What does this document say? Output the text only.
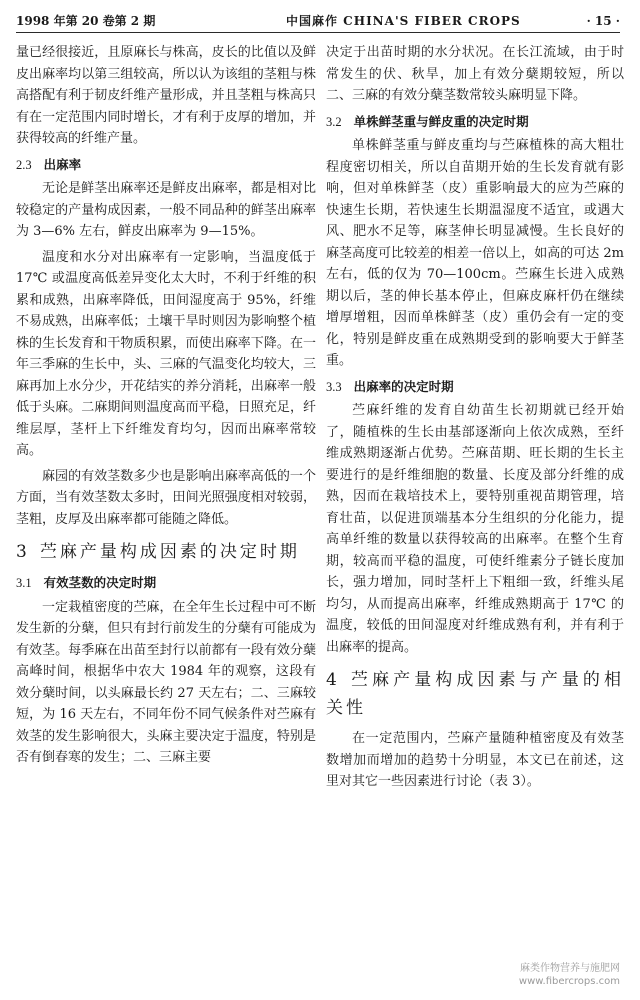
1998 年第 20 卷第 2 期	中国麻作 CHINA'S FIBER CROPS	· 15 ·

量已经很接近，且原麻长与株高，皮长的比值以及鲜皮出麻率均以第三组较高，所以认为该组的茎粗与株高搭配有利于韧皮纤维产量形成，并且茎粗与株高只有在一定范围内同时增长，才有利于皮厚的增加，并获得较高的纤维产量。

2.3 出麻率

无论是鲜茎出麻率还是鲜皮出麻率，都是相对比较稳定的产量构成因素，一般不同品种的鲜茎出麻率为 3—6% 左右，鲜皮出麻率为 9—15%。

温度和水分对出麻率有一定影响，当温度低于 17℃ 或温度高低差异变化太大时，不利于纤维的积累和成熟，出麻率降低，田间湿度高于 95%，纤维不易成熟，出麻率低；土壤干旱时则因为影响整个植株的生长发育和干物质积累，而使出麻率下降。在一年三季麻的生长中，头、三麻的气温变化均较大，三麻再加上水分少，开花结实的养分消耗，出麻率一般低于头麻。二麻期间则温度高而平稳，日照充足，纤维层厚，茎杆上下纤维发育均匀，因而出麻率常较高。

麻园的有效茎数多少也是影响出麻率高低的一个方面，当有效茎数太多时，田间光照强度相对较弱，茎粗，皮厚及出麻率都可能随之降低。

3 苎麻产量构成因素的决定时期
3.1 有效茎数的决定时期

一定栽植密度的苎麻，在全年生长过程中可不断发生新的分蘖，但只有封行前发生的分蘖有可能成为有效茎。每季麻在出苗至封行以前都有一段有效分蘖高峰时间，根据华中农大 1984 年的观察，这段有效分蘖时间，以头麻最长约 27 天左右；二、三麻较短，为 16 天左右，不同年份不同气候条件对苎麻有效茎的发生影响很大，头麻主要决定于温度，特别是否有倒春寒的发生；二、三麻主要

决定于出苗时期的水分状况。在长江流域，由于时常发生的伏、秋旱，加上有效分蘖期较短，所以二、三麻的有效分蘖茎数常较头麻明显下降。

3.2 单株鲜茎重与鲜皮重的决定时期

单株鲜茎重与鲜皮重均与苎麻植株的高大粗壮程度密切相关，所以自苗期开始的生长发育就有影响，但对单株鲜茎（皮）重影响最大的应为苎麻的快速生长期，若快速生长期温湿度不适宜，或遇大风、肥水不足等，麻茎伸长明显减慢。生长良好的麻茎高度可比较差的相差一倍以上，如高的可达 2m 左右，低的仅为 70—100cm。苎麻生长进入成熟期以后，茎的伸长基本停止，但麻皮麻杆仍在继续增厚增粗，因而单株鲜茎（皮）重仍会有一定的变化，特别是鲜皮重在成熟期受到的影响要大于鲜茎重。

3.3 出麻率的决定时期

苎麻纤维的发育自幼苗生长初期就已经开始了，随植株的生长由基部逐渐向上依次成熟，至纤维成熟期逐渐占优势。苎麻苗期、旺长期的生长主要进行的是纤维细胞的数量、长度及部分纤维的成熟，因而在栽培技术上，要特别重视苗期管理，培育壮苗，以促进顶端基本分生组织的分化能力，提高单纤维的数量以获得较高的出麻率。在整个生育期，较高而平稳的温度，可使纤维素分子链长度加长，强力增加，同时茎杆上下粗细一致，纤维头尾均匀，从而提高出麻率，纤维成熟期高于 17℃ 的温度，较低的田间湿度对纤维成熟有利，并有利于出麻率的提高。

4 苎麻产量构成因素与产量的相关性

在一定范围内，苎麻产量随种植密度及有效茎数增加而增加的趋势十分明显，本文已在前述，这里对其它一些因素进行讨论（表 3）。

麻类作物营养与施肥网
www.fibercrops.com
